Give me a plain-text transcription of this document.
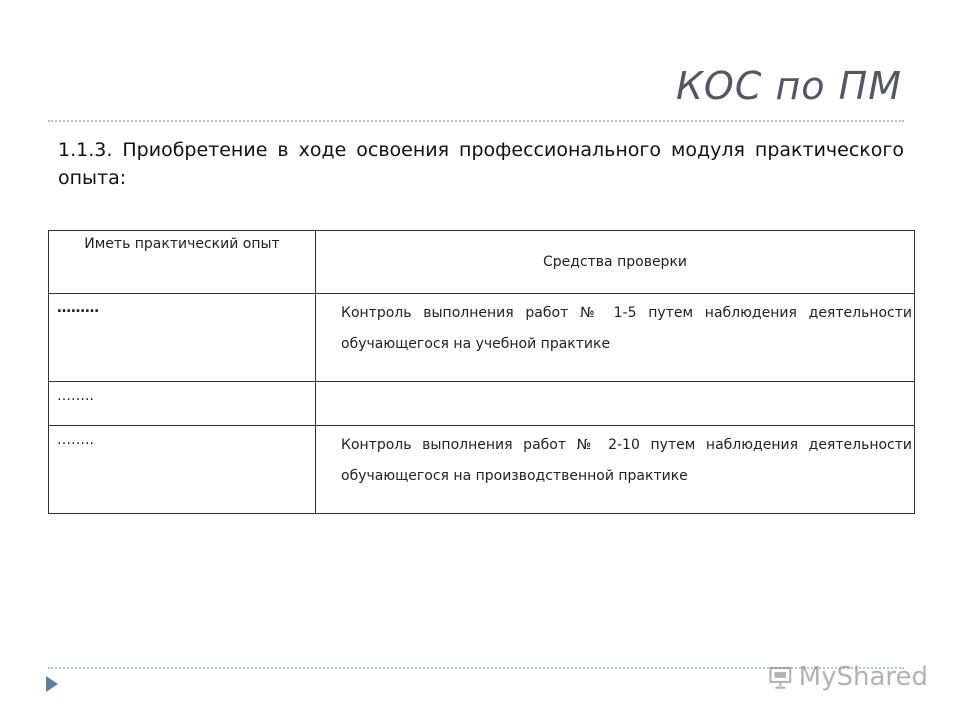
КОС по ПМ
1.1.3. Приобретение в ходе освоения профессионального модуля практического опыта:
Иметь практический опыт	Средства проверки
………	Контроль выполнения работ № 1-5 путем наблюдения деятельности обучающегося на учебной практике

……..	

……..	Контроль выполнения работ № 2-10 путем наблюдения деятельности обучающегося на производственной практике
MyShared
